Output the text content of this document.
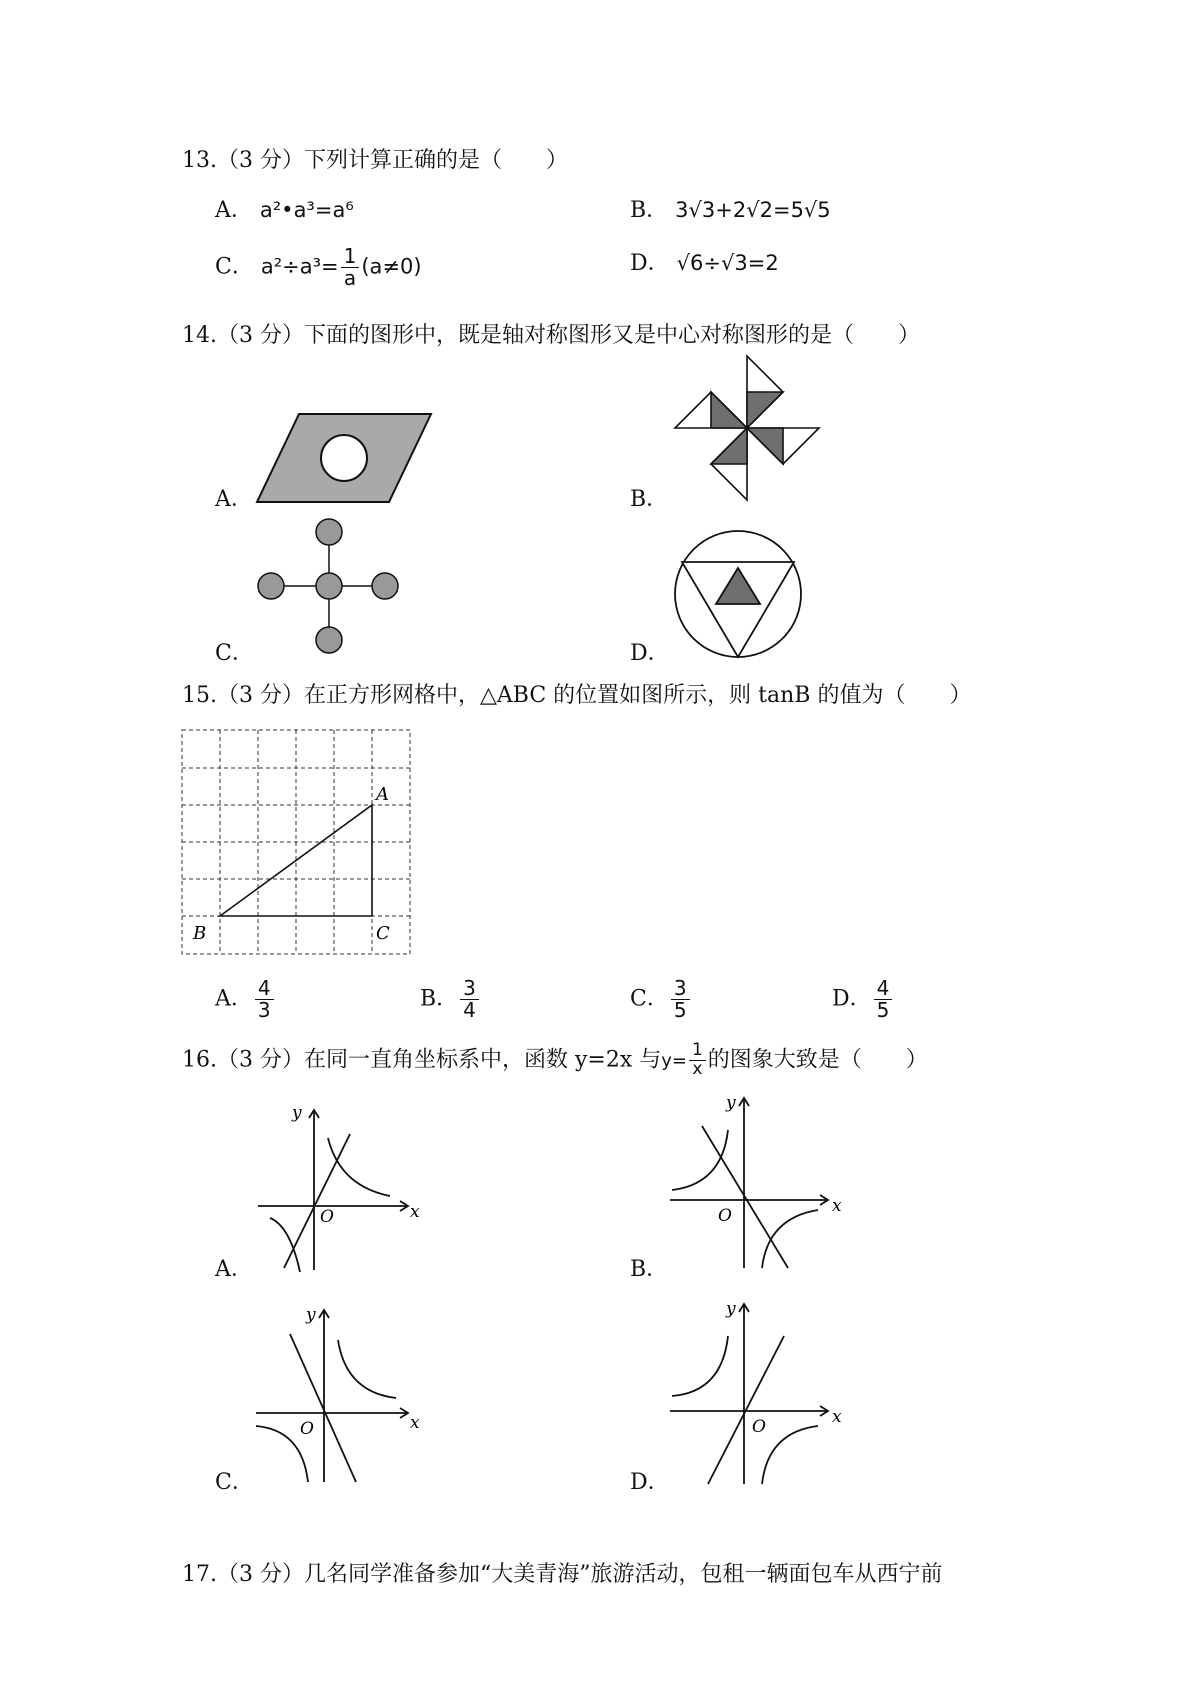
13.（3 分）下列计算正确的是（　　）
A． a²•a³=a⁶	B． 3√3+2√2=5√5
C． $a^2\div a^3= \frac{1}{a} (a\ne 0)$	D． √6÷√3=2
14.（3 分）下面的图形中，既是轴对称图形又是中心对称图形的是（　　）
A．	B．
C．	D．
15.（3 分）在正方形网格中，△ABC 的位置如图所示，则 tanB 的值为（　　）
A
B	C
A． $\frac{4}{3}$	B． $\frac{3}{4}$	C． $\frac{3}{5}$	D． $\frac{4}{5}$
16.（3 分）在同一直角坐标系中，函数 y=2x 与$y= \frac{1}{x}$ 的图象大致是（　　）
A．
x
y
O
B．
x
y
O
C．
x
y
O
D．
x
y
O
17.（3 分）几名同学准备参加“大美青海”旅游活动，包租一辆面包车从西宁前
